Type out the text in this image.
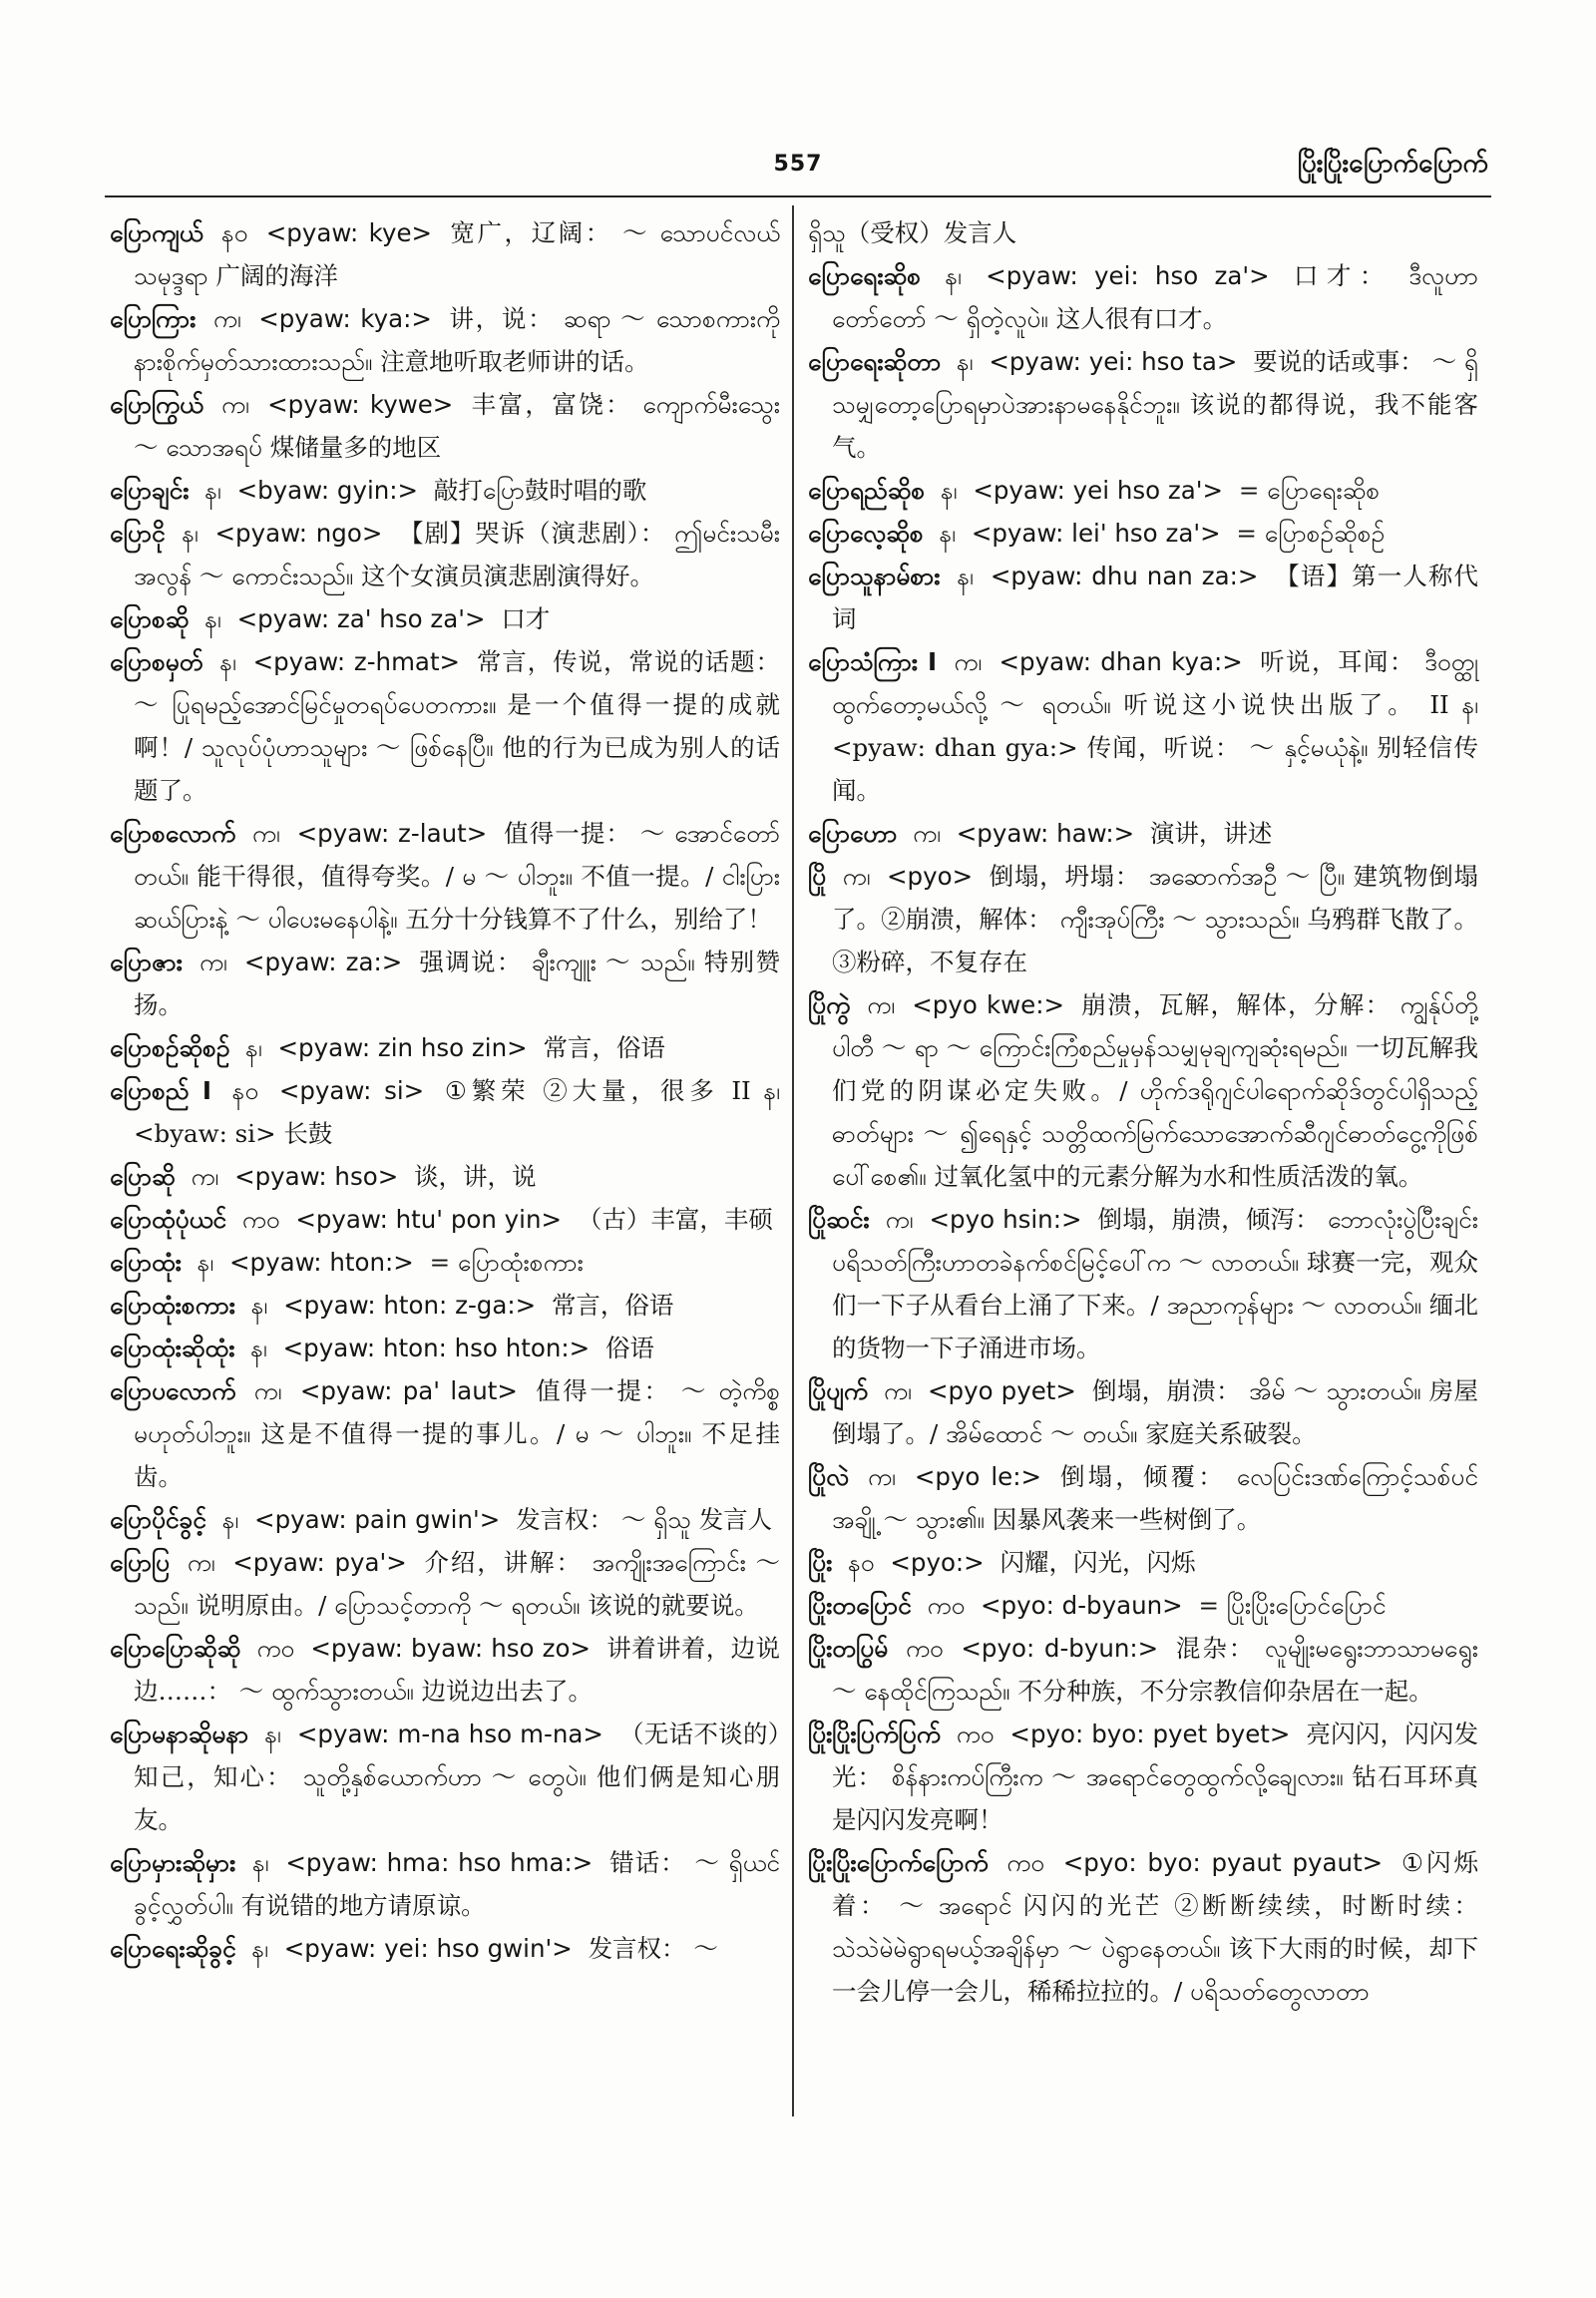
557	ပြိုးပြိုးပြောက်ပြောက်

ပြောကျယ် နဝ <pyaw: kye> 宽广，辽阔： ～ သောပင်လယ်သမုဒ္ဒရာ 广阔的海洋

ပြောကြား က၊ <pyaw: kya:> 讲，说： ဆရာ ～ သောစကားကိုနားစိုက်မှတ်သားထားသည်။ 注意地听取老师讲的话。

ပြောကြွယ် က၊ <pyaw: kywe> 丰富，富饶： ကျောက်မီးသွေး ～ သောအရပ် 煤储量多的地区

ပြောချင်း န၊ <byaw: gyin:> 敲打ပြော鼓时唱的歌

ပြောငို န၊ <pyaw: ngo> 【剧】哭诉（演悲剧）： ဤမင်းသမီးအလွန် ～ ကောင်းသည်။ 这个女演员演悲剧演得好。

ပြောစဆို န၊ <pyaw: za' hso za'> 口才

ပြောစမှတ် န၊ <pyaw: z-hmat> 常言，传说，常说的话题： ～ ပြုရမည့်အောင်မြင်မှုတရပ်ပေတကား။ 是一个值得一提的成就啊！/ သူလုပ်ပုံဟာသူများ ～ ဖြစ်နေပြီ။ 他的行为已成为别人的话题了。

ပြောစလောက် က၊ <pyaw: z-laut> 值得一提： ～ အောင်တော်တယ်။ 能干得很，值得夸奖。/ မ ～ ပါဘူး။ 不值一提。/ ငါးပြားဆယ်ပြားနဲ့ ～ ပါပေးမနေပါနဲ့။ 五分十分钱算不了什么，别给了！

ပြောဇား က၊ <pyaw: za:> 强调说： ချီးကျူး ～ သည်။ 特别赞扬。

ပြောစဉ်ဆိုစဉ် န၊ <pyaw: zin hso zin> 常言，俗语

ပြောစည် I နဝ <pyaw: si> ①繁荣 ②大量，很多 II န၊ <byaw: si> 长鼓

ပြောဆို က၊ <pyaw: hso> 谈，讲，说

ပြောထုံပုံယင် ကဝ <pyaw: htu' pon yin> （古）丰富，丰硕

ပြောထုံး န၊ <pyaw: hton:> = ပြောထုံးစကား

ပြောထုံးစကား န၊ <pyaw: hton: z-ga:> 常言，俗语

ပြောထုံးဆိုထုံး န၊ <pyaw: hton: hso hton:> 俗语

ပြောပလောက် က၊ <pyaw: pa' laut> 值得一提： ～ တဲ့ကိစ္စမဟုတ်ပါဘူး။ 这是不值得一提的事儿。/ မ ～ ပါဘူး။ 不足挂齿。

ပြောပိုင်ခွင့် န၊ <pyaw: pain gwin'> 发言权： ～ ရှိသူ 发言人

ပြောပြ က၊ <pyaw: pya'> 介绍，讲解： အကျိုးအကြောင်း ～ သည်။ 说明原由。/ ပြောသင့်တာကို ～ ရတယ်။ 该说的就要说。

ပြောပြောဆိုဆို ကဝ <pyaw: byaw: hso zo> 讲着讲着，边说边……： ～ ထွက်သွားတယ်။ 边说边出去了。

ပြောမနာဆိုမနာ န၊ <pyaw: m-na hso m-na> （无话不谈的）知己，知心： သူတို့နှစ်ယောက်ဟာ ～ တွေပဲ။ 他们俩是知心朋友。

ပြောမှားဆိုမှား န၊ <pyaw: hma: hso hma:> 错话： ～ ရှိယင်ခွင့်လွှတ်ပါ။ 有说错的地方请原谅。

ပြောရေးဆိုခွင့် န၊ <pyaw: yei: hso gwin'> 发言权： ～

ရှိသူ（受权）发言人

ပြောရေးဆိုစ န၊ <pyaw: yei: hso za'> 口才： ဒီလူဟာတော်တော် ～ ရှိတဲ့လူပဲ။ 这人很有口才。

ပြောရေးဆိုတာ န၊ <pyaw: yei: hso ta> 要说的话或事： ～ ရှိသမျှတော့ပြောရမှာပဲအားနာမနေနိုင်ဘူး။ 该说的都得说，我不能客气。

ပြောရည်ဆိုစ န၊ <pyaw: yei hso za'> = ပြောရေးဆိုစ

ပြောလေ့ဆိုစ န၊ <pyaw: lei' hso za'> = ပြောစဉ်ဆိုစဉ်

ပြောသူနာမ်စား န၊ <pyaw: dhu nan za:> 【语】第一人称代词

ပြောသံကြား I က၊ <pyaw: dhan kya:> 听说，耳闻： ဒီဝတ္ထုထွက်တော့မယ်လို့ ～ ရတယ်။ 听说这小说快出版了。 II န၊ <pyaw: dhan gya:> 传闻，听说： ～ နှင့်မယုံနဲ့။ 别轻信传闻。

ပြောဟော က၊ <pyaw: haw:> 演讲，讲述

ပြို က၊ <pyo> 倒塌，坍塌： အဆောက်အဦ ～ ပြီ။ 建筑物倒塌了。②崩溃，解体： ကျီးအုပ်ကြီး ～ သွားသည်။ 乌鸦群飞散了。③粉碎，不复存在

ပြိုကွဲ က၊ <pyo kwe:> 崩溃，瓦解，解体，分解： ကျွန်ုပ်တို့ပါတီ ～ ရာ ～ ကြောင်းကြံစည်မှုမှန်သမျှမုချကျဆုံးရမည်။ 一切瓦解我们党的阴谋必定失败。/ ဟိုက်ဒရိုဂျင်ပါရောက်ဆိုဒ်တွင်ပါရှိသည့်ဓာတ်များ ～ ၍ရေနှင့် သတ္တိထက်မြက်သောအောက်ဆီဂျင်ဓာတ်ငွေ့ကိုဖြစ်ပေါ်စေ၏။ 过氧化氢中的元素分解为水和性质活泼的氧。

ပြိုဆင်း က၊ <pyo hsin:> 倒塌，崩溃，倾泻： ဘောလုံးပွဲပြီးချင်းပရိသတ်ကြီးဟာတခဲနက်စင်မြင့်ပေါ်က ～ လာတယ်။ 球赛一完，观众们一下子从看台上涌了下来。/ အညာကုန်များ ～ လာတယ်။ 缅北的货物一下子涌进市场。

ပြိုပျက် က၊ <pyo pyet> 倒塌，崩溃： အိမ် ～ သွားတယ်။ 房屋倒塌了。/ အိမ်ထောင် ～ တယ်။ 家庭关系破裂。

ပြိုလဲ က၊ <pyo le:> 倒塌，倾覆： လေပြင်းဒဏ်ကြောင့်သစ်ပင်အချို့ ～ သွား၏။ 因暴风袭来一些树倒了。

ပြိုး နဝ <pyo:> 闪耀，闪光，闪烁

ပြိုးတပြောင် ကဝ <pyo: d-byaun> = ပြိုးပြိုးပြောင်ပြောင်

ပြိုးတပြွမ် ကဝ <pyo: d-byun:> 混杂： လူမျိုးမရွေးဘာသာမရွေး ～ နေထိုင်ကြသည်။ 不分种族，不分宗教信仰杂居在一起。

ပြိုးပြိုးပြက်ပြက် ကဝ <pyo: byo: pyet byet> 亮闪闪，闪闪发光： စိန်နားကပ်ကြီးက ～ အရောင်တွေထွက်လို့ချေလား။ 钻石耳环真是闪闪发亮啊！

ပြိုးပြိုးပြောက်ပြောက် ကဝ <pyo: byo: pyaut pyaut> ①闪烁着： ～ အရောင် 闪闪的光芒 ②断断续续，时断时续： သဲသဲမဲမဲရွာရမယ့်အချိန်မှာ ～ ပဲရွာနေတယ်။ 该下大雨的时候，却下一会儿停一会儿，稀稀拉拉的。/ ပရိသတ်တွေလာတာ
